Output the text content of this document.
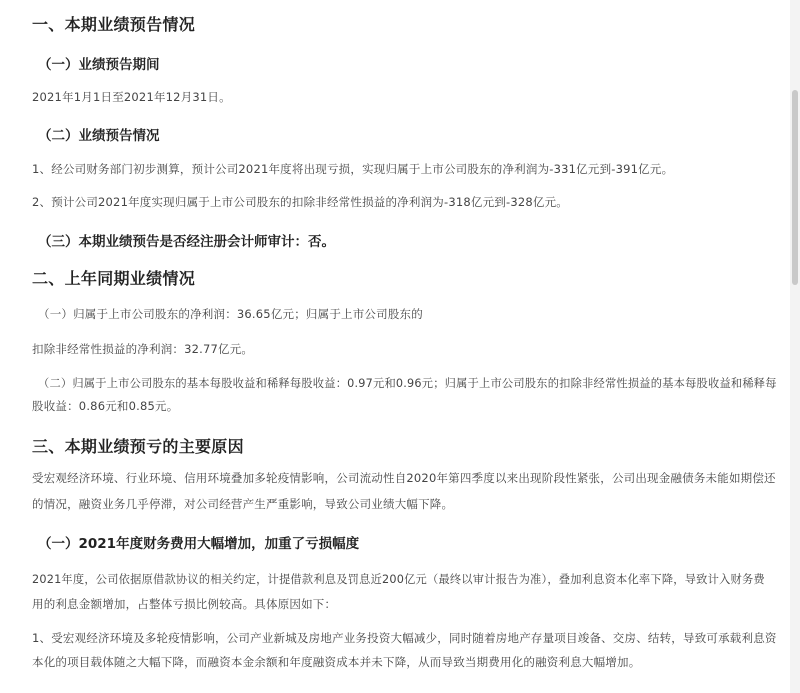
一、本期业绩预告情况
（一）业绩预告期间
2021年1月1日至2021年12月31日。
（二）业绩预告情况
1、经公司财务部门初步测算，预计公司2021年度将出现亏损，实现归属于上市公司股东的净利润为-331亿元到-391亿元。
2、预计公司2021年度实现归属于上市公司股东的扣除非经常性损益的净利润为-318亿元到-328亿元。
（三）本期业绩预告是否经注册会计师审计：否。
二、上年同期业绩情况
（一）归属于上市公司股东的净利润：36.65亿元；归属于上市公司股东的
扣除非经常性损益的净利润：32.77亿元。
（二）归属于上市公司股东的基本每股收益和稀释每股收益：0.97元和0.96元；归属于上市公司股东的扣除非经常性损益的基本每股收益和稀释每
股收益：0.86元和0.85元。
三、本期业绩预亏的主要原因
受宏观经济环境、行业环境、信用环境叠加多轮疫情影响，公司流动性自2020年第四季度以来出现阶段性紧张，公司出现金融债务未能如期偿还
的情况，融资业务几乎停滞，对公司经营产生严重影响，导致公司业绩大幅下降。
（一）2021年度财务费用大幅增加，加重了亏损幅度
2021年度，公司依据原借款协议的相关约定，计提借款利息及罚息近200亿元（最终以审计报告为准），叠加利息资本化率下降，导致计入财务费
用的利息金额增加，占整体亏损比例较高。具体原因如下：
1、受宏观经济环境及多轮疫情影响，公司产业新城及房地产业务投资大幅减少，同时随着房地产存量项目竣备、交房、结转，导致可承载利息资
本化的项目载体随之大幅下降，而融资本金余额和年度融资成本并未下降，从而导致当期费用化的融资利息大幅增加。
